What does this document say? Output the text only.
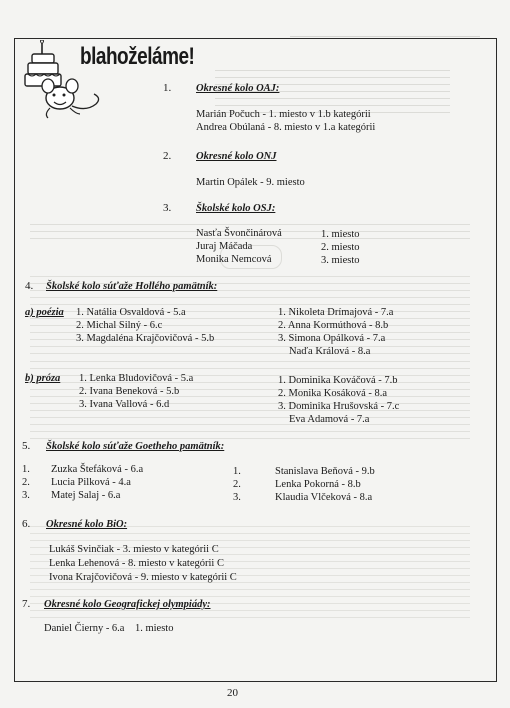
blahoželáme!
1. Okresné kolo OAJ:
Marián Počuch - 1. miesto v 1.b kategórii
Andrea Obúlaná - 8. miesto v 1.a kategórii
2. Okresné kolo ONJ
Martin Opálek - 9. miesto
3. Školské kolo OSJ:
Nasťa Švončinárová
Juraj Máčada
Monika Nemcová
1. miesto
2. miesto
3. miesto
4. Školské kolo súťaže Hollého pamätník:
a) poézia 1. Natália Osvaldová - 5.a
2. Michal Silný - 6.c
3. Magdaléna Krajčovičová - 5.b
1. Nikoleta Drímajová - 7.a
2. Anna Kormúthová - 8.b
3. Simona Opálková - 7.a
Naďa Králová - 8.a
b) próza 1. Lenka Bludovičová - 5.a
2. Ivana Beneková - 5.b
3. Ivana Vallová - 6.d
1. Dominika Kováčová - 7.b
2. Monika Kosáková - 8.a
3. Dominika Hrušovská - 7.c
Eva Adamová - 7.a
5. Školské kolo súťaže Goetheho pamätník:
1.
2.
3.
Zuzka Štefáková - 6.a
Lucia Pilková - 4.a
Matej Salaj - 6.a
1.
2.
3.
Stanislava Beňová - 9.b
Lenka Pokorná - 8.b
Klaudia Vlčeková - 8.a
6. Okresné kolo BiO:
Lukáš Svinčiak - 3. miesto v kategórii C
Lenka Lehenová - 8. miesto v kategórii C
Ivona Krajčovičová - 9. miesto v kategórii C
7. Okresné kolo Geografickej olympiády:
Daniel Čierny - 6.a    1. miesto
20
